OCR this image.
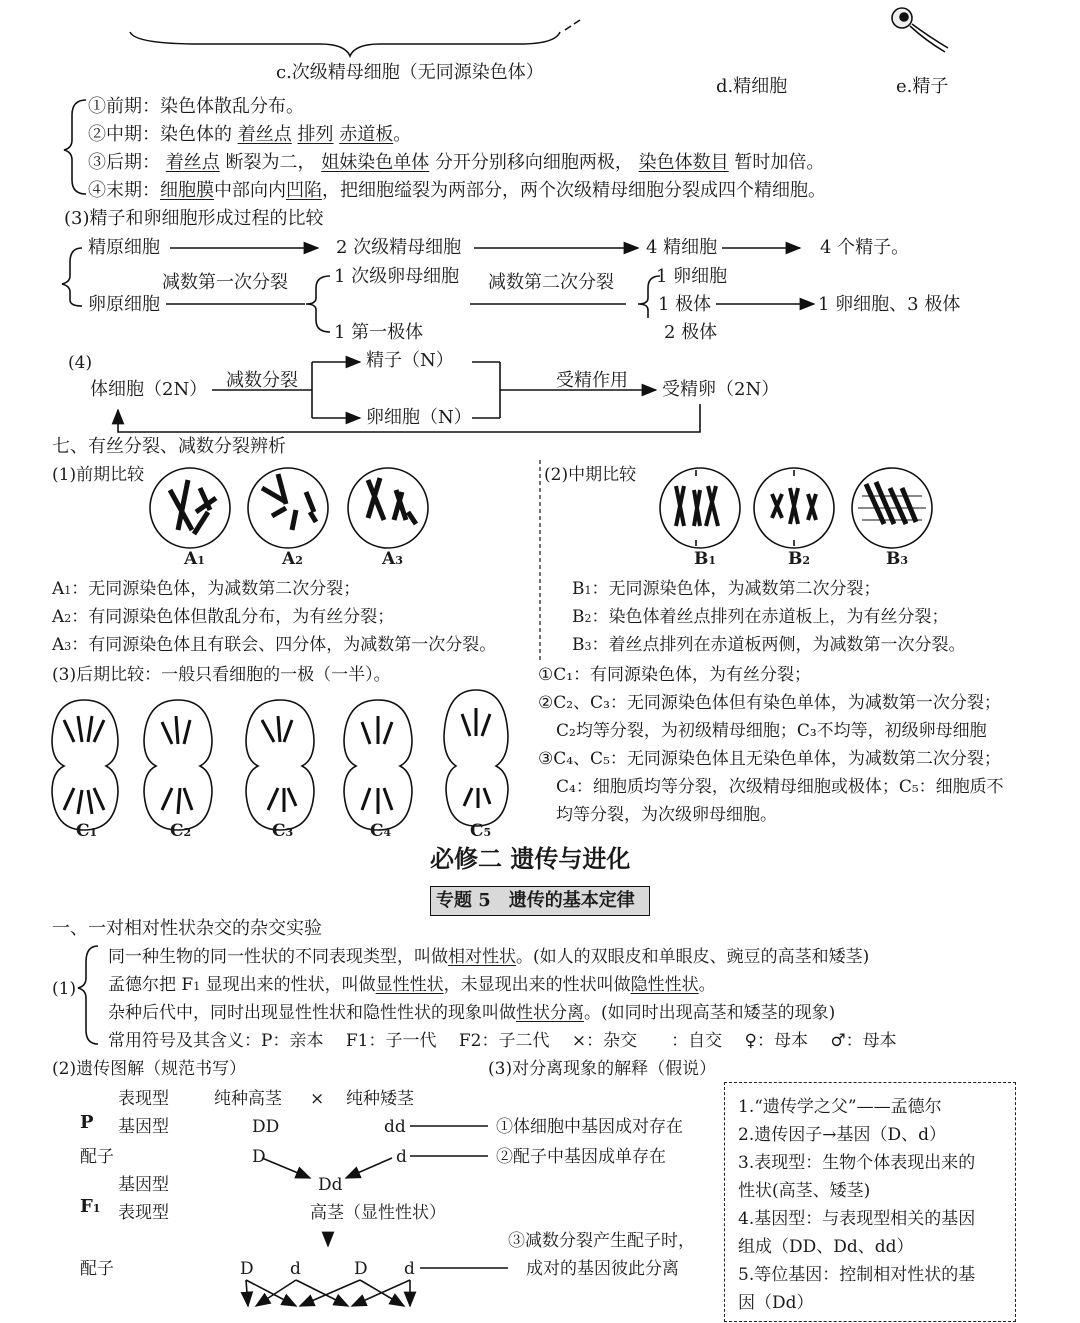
c.次级精母细胞（无同源染色体）
d.精细胞	e.精子
①前期：染色体散乱分布。
②中期：染色体的 着丝点 排列 赤道板。
③后期： 着丝点 断裂为二， 姐妹染色单体 分开分别移向细胞两极， 染色体数目 暂时加倍。
④末期：细胞膜中部向内凹陷，把细胞缢裂为两部分，两个次级精母细胞分裂成四个精细胞。
(3)精子和卵细胞形成过程的比较
精原细胞	2 次级精母细胞	4 精细胞	4 个精子。
减数第一次分裂	1 次级卵母细胞 减数第二次分裂 1 卵细胞
卵原细胞	1 极体	1 卵细胞、3 极体
1 第一极体	2 极体
(4)
体细胞（2N） 减数分裂
精子（N）
卵细胞（N）
受精作用 受精卵（2N）
七、有丝分裂、减数分裂辨析
(1)前期比较	(2)中期比较
A1	A2	A3	B1	B2	B3
A1：无同源染色体，为减数第二次分裂；
A2：有同源染色体但散乱分布，为有丝分裂；
A3：有同源染色体且有联会、四分体，为减数第一次分裂。
B1：无同源染色体，为减数第二次分裂；
B2：染色体着丝点排列在赤道板上，为有丝分裂；
B3：着丝点排列在赤道板两侧，为减数第一次分裂。
(3)后期比较：一般只看细胞的一极（一半）。
C1	C2	C3	C4	C5
①C₁：有同源染色体，为有丝分裂；
②C₂、C₃：无同源染色体但有染色单体，为减数第一次分裂；
C₂均等分裂，为初级精母细胞；C₃不均等，初级卵母细胞
③C₄、C₅：无同源染色体且无染色单体，为减数第二次分裂；
C₄：细胞质均等分裂，次级精母细胞或极体；C₅：细胞质不
均等分裂，为次级卵母细胞。
必修二 遗传与进化
专题 5　遗传的基本定律
一、一对相对性状杂交的杂交实验
(1)
同一种生物的同一性状的不同表现类型，叫做相对性状。(如人的双眼皮和单眼皮、豌豆的高茎和矮茎)
孟德尔把 F1 显现出来的性状，叫做显性性状，未显现出来的性状叫做隐性性状。
杂种后代中，同时出现显性性状和隐性性状的现象叫做性状分离。(如同时出现高茎和矮茎的现象)
常用符号及其含义：P：亲本　 F1：子一代　 F2：子二代　 ×：杂交　　：自交　 ♀：母本　 ♂：母本
(2)遗传图解（规范书写）	(3)对分离现象的解释（假说）
P
F1
表现型
基因型
配子
基因型
表现型
配子
纯种高茎 × 纯种矮茎
DD	dd
D	d
Dd
高茎（显性性状）
D d	D d
①体细胞中基因成对存在
②配子中基因成单存在
③减数分裂产生配子时，
成对的基因彼此分离
1.“遗传学之父”——孟德尔
2.遗传因子→基因（D、d）
3.表现型：生物个体表现出来的
性状(高茎、矮茎)
4.基因型：与表现型相关的基因
组成（DD、Dd、dd）
5.等位基因：控制相对性状的基
因（Dd）
